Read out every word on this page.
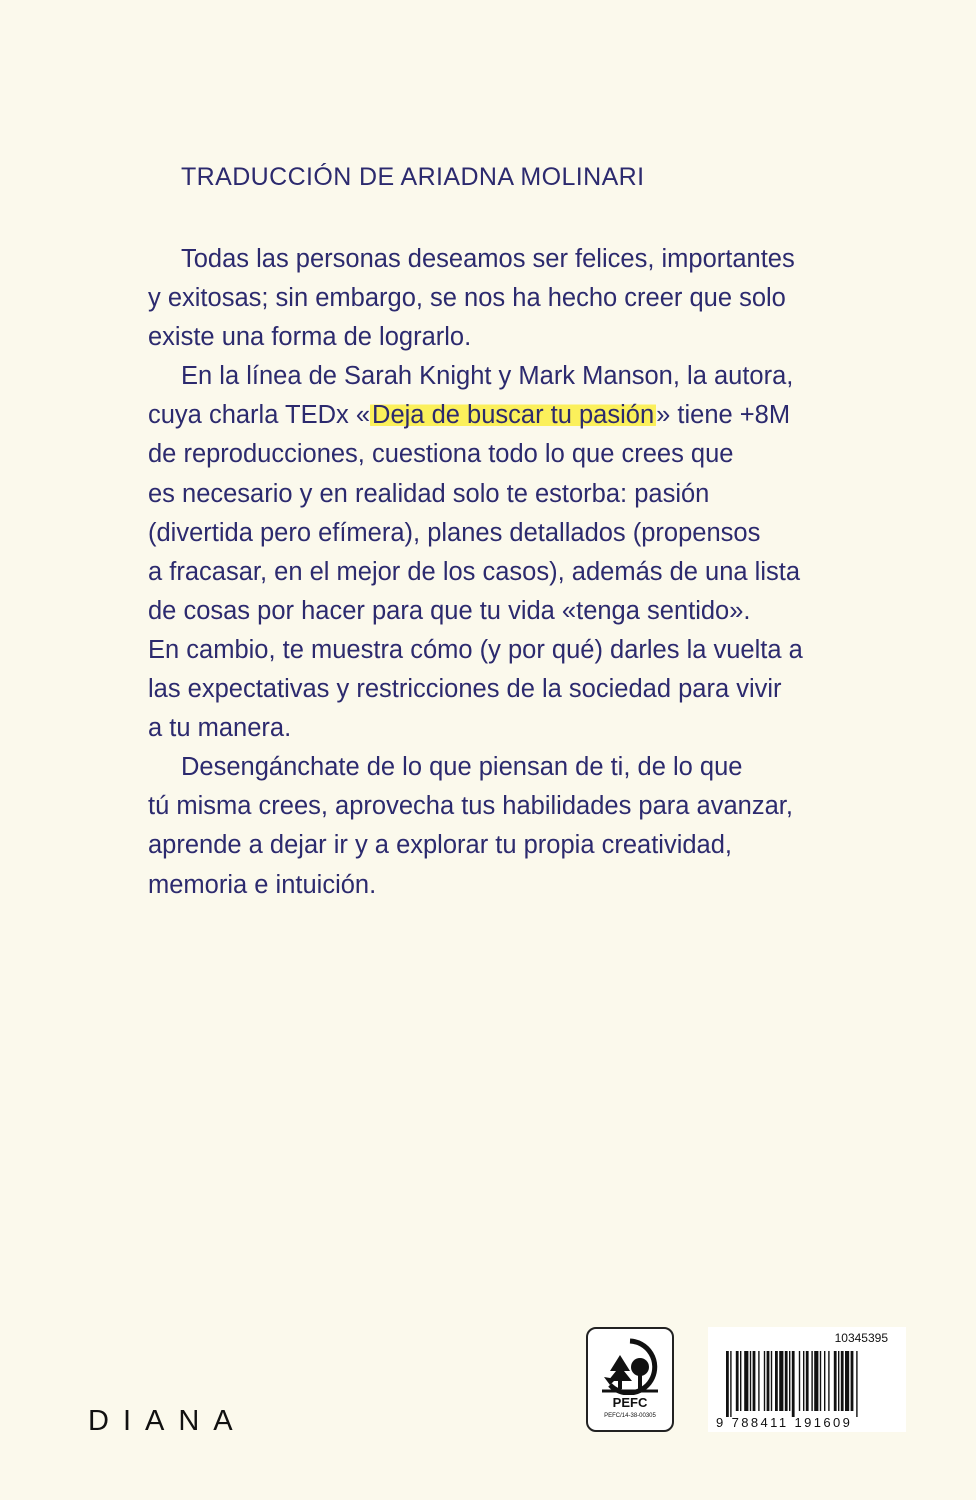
TRADUCCIÓN DE ARIADNA MOLINARI
Todas las personas deseamos ser felices, importantes
y exitosas; sin embargo, se nos ha hecho creer que solo
existe una forma de lograrlo.
En la línea de Sarah Knight y Mark Manson, la autora,
cuya charla TEDx «Deja de buscar tu pasión» tiene +8M
de reproducciones, cuestiona todo lo que crees que
es necesario y en realidad solo te estorba: pasión
(divertida pero efímera), planes detallados (propensos
a fracasar, en el mejor de los casos), además de una lista
de cosas por hacer para que tu vida «tenga sentido».
En cambio, te muestra cómo (y por qué) darles la vuelta a
las expectativas y restricciones de la sociedad para vivir
a tu manera.
Desengánchate de lo que piensan de ti, de lo que
tú misma crees, aprovecha tus habilidades para avanzar,
aprende a dejar ir y a explorar tu propia creatividad,
memoria e intuición.
DIANA
PEFC
PEFC/14-38-00305
10345395
9 788411 191609
